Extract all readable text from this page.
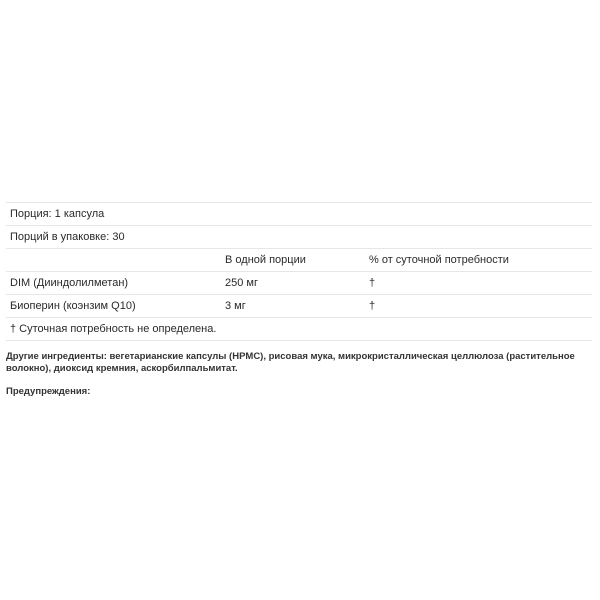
Порция: 1 капсула		
Порций в упаковке: 30		
	В одной порции	% от суточной потребности
DIM (Дииндолилметан)	250 мг	†
Биоперин (коэнзим Q10)	3 мг	†
† Суточная потребность не определена.		

Другие ингредиенты: вегетарианские капсулы (HPMC), рисовая мука, микрокристаллическая целлюлоза (растительное волокно), диоксид кремния, аскорбилпальмитат.

Предупреждения:
